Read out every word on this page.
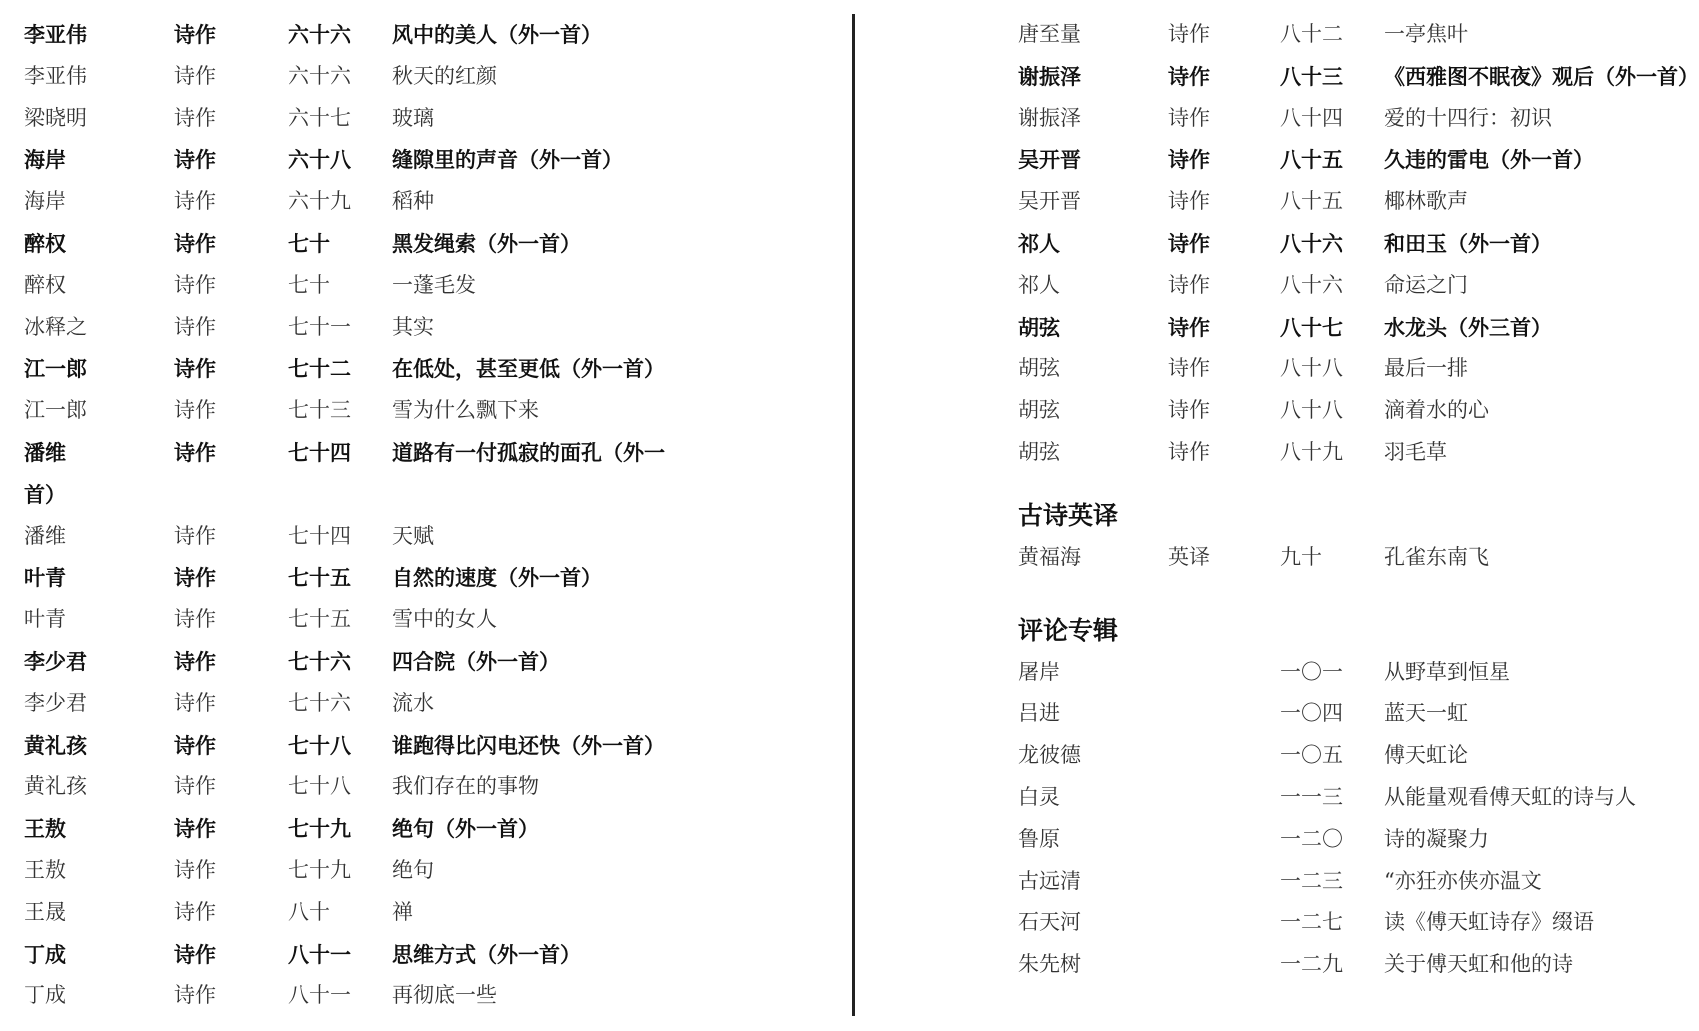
李亚伟	诗作	六十六 风中的美人（外一首）
李亚伟	诗作	六十六 秋天的红颜
梁晓明	诗作	六十七 玻璃
海岸	诗作	六十八 缝隙里的声音（外一首）
海岸	诗作	六十九 稻种
醉权	诗作	七十	黑发绳索（外一首）
醉权	诗作	七十	一蓬毛发
冰释之	诗作	七十一 其实
江一郎	诗作	七十二 在低处，甚至更低（外一首）
江一郎	诗作	七十三 雪为什么飘下来
潘维	诗作	七十四 道路有一付孤寂的面孔（外一
首）
潘维	诗作	七十四 天赋
叶青	诗作	七十五 自然的速度（外一首）
叶青	诗作	七十五 雪中的女人
李少君	诗作	七十六 四合院（外一首）
李少君	诗作	七十六 流水
黄礼孩	诗作	七十八 谁跑得比闪电还快（外一首）
黄礼孩	诗作	七十八 我们存在的事物
王敖	诗作	七十九 绝句（外一首）
王敖	诗作	七十九 绝句
王晟	诗作	八十	禅
丁成	诗作	八十一 思维方式（外一首）
丁成	诗作	八十一 再彻底一些
唐至量	诗作	八十二 一亭焦叶
谢振泽	诗作	八十三 《西雅图不眠夜》观后（外一首）
谢振泽	诗作	八十四 爱的十四行：初识
吴开晋	诗作	八十五 久违的雷电（外一首）
吴开晋	诗作	八十五 椰林歌声
祁人	诗作	八十六 和田玉（外一首）
祁人	诗作	八十六 命运之门
胡弦	诗作	八十七 水龙头（外三首）
胡弦	诗作	八十八 最后一排
胡弦	诗作	八十八 滴着水的心
胡弦	诗作	八十九 羽毛草
古诗英译
黄福海	英译	九十	孔雀东南飞
评论专辑
屠岸	一〇一 从野草到恒星
吕进	一〇四 蓝天一虹
龙彼德	一〇五 傅天虹论
白灵	一一三 从能量观看傅天虹的诗与人
鲁原	一二〇 诗的凝聚力
古远清	一二三 “亦狂亦侠亦温文
石天河	一二七 读《傅天虹诗存》缀语
朱先树	一二九 关于傅天虹和他的诗
